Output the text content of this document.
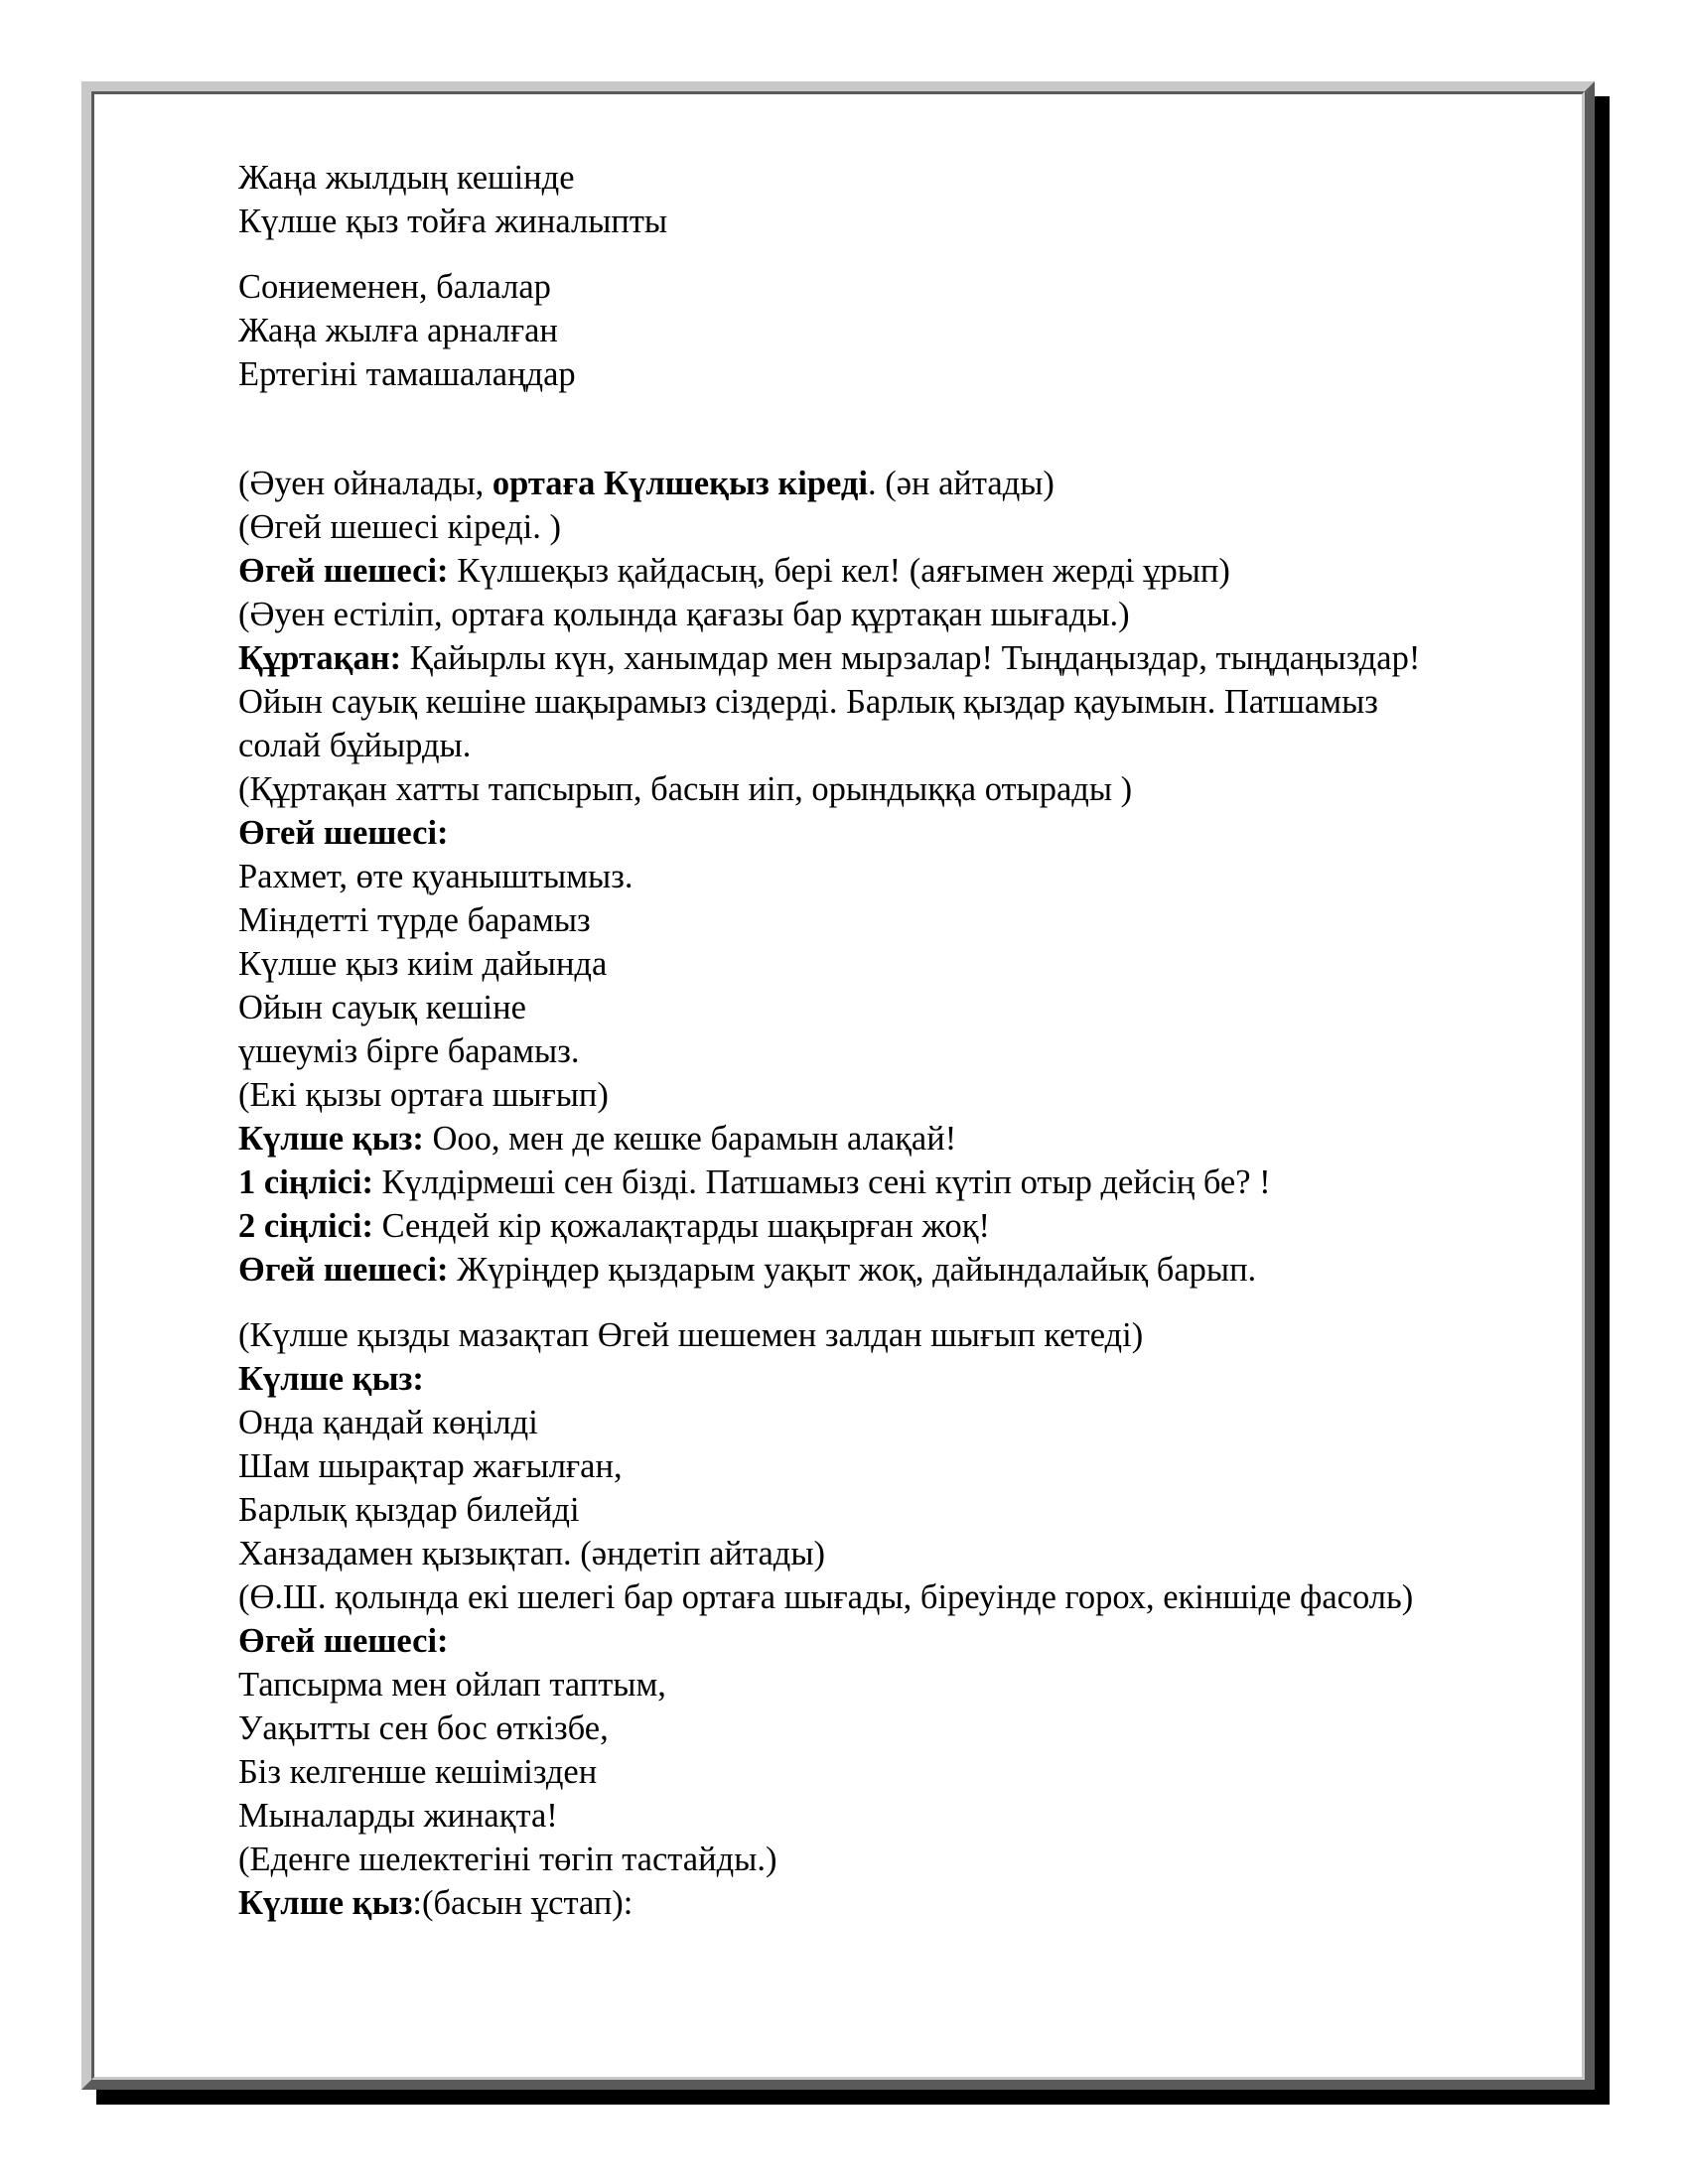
Жаңа жылдың кешінде
Күлше қыз тойға жиналыпты
Сониеменен, балалар
Жаңа жылға арналған
Ертегіні тамашалаңдар
(Әуен ойналады, ортаға Күлшеқыз кіреді. (ән айтады)
(Өгей шешесі кіреді. )
Өгей шешесі: Күлшеқыз қайдасың, бері кел! (аяғымен жерді ұрып)
(Әуен естіліп, ортаға қолында қағазы бар құртақан шығады.)
Құртақан: Қайырлы күн, ханымдар мен мырзалар! Тыңдаңыздар, тыңдаңыздар!
Ойын сауық кешіне шақырамыз сіздерді. Барлық қыздар қауымын. Патшамыз
солай бұйырды.
(Құртақан хатты тапсырып, басын иіп, орындыққа отырады )
Өгей шешесі:
Рахмет, өте қуаныштымыз.
Міндетті түрде барамыз
Күлше қыз киім дайында
Ойын сауық кешіне
үшеуміз бірге барамыз.
(Екі қызы ортаға шығып)
Күлше қыз: Ооо, мен де кешке барамын алақай!
1 сіңлісі: Күлдірмеші сен бізді. Патшамыз сені күтіп отыр дейсің бе? !
2 сіңлісі: Сендей кір қожалақтарды шақырған жоқ!
Өгей шешесі: Жүріңдер қыздарым уақыт жоқ, дайындалайық барып.
(Күлше қызды мазақтап Өгей шешемен залдан шығып кетеді)
Күлше қыз:
Онда қандай көңілді
Шам шырақтар жағылған,
Барлық қыздар билейді
Ханзадамен қызықтап. (әндетіп айтады)
(Ө.Ш. қолында екі шелегі бар ортаға шығады, біреуінде горох, екіншіде фасоль)
Өгей шешесі:
Тапсырма мен ойлап таптым,
Уақытты сен бос өткізбе,
Біз келгенше кешімізден
Мыналарды жинақта!
(Еденге шелектегіні төгіп тастайды.)
Күлше қыз:(басын ұстап):
